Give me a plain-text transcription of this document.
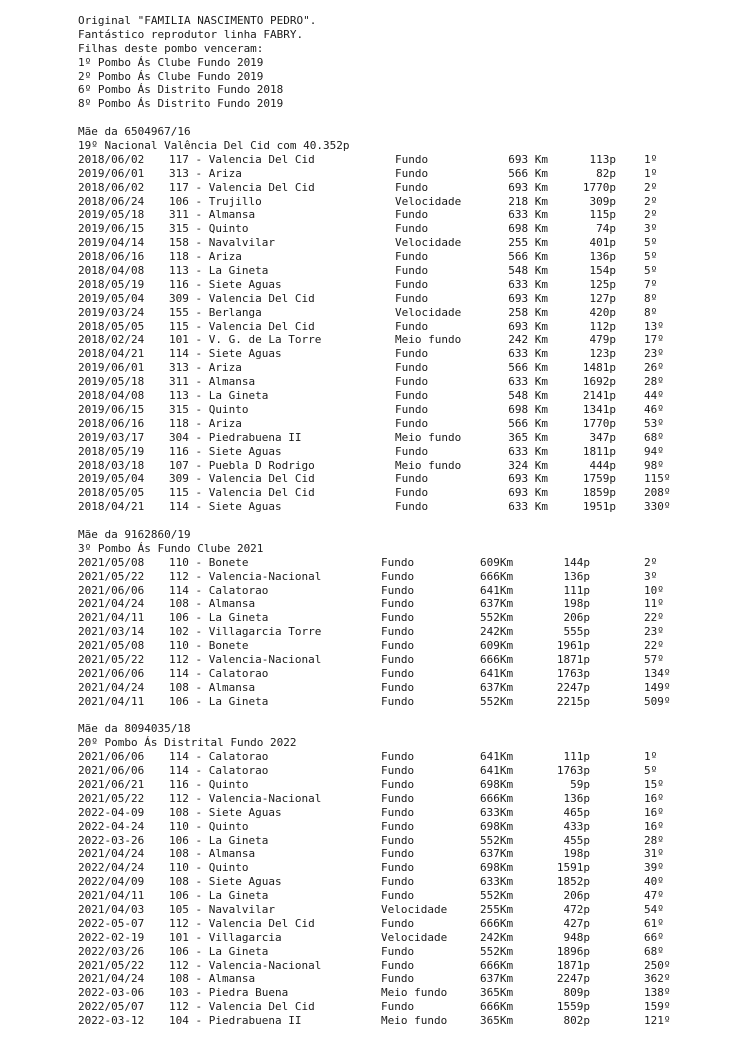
Original "FAMILIA NASCIMENTO PEDRO".
Fantástico reprodutor linha FABRY.
Filhas deste pombo venceram:
1º Pombo Ás Clube Fundo 2019
2º Pombo Ás Clube Fundo 2019
6º Pombo Ás Distrito Fundo 2018
8º Pombo Ás Distrito Fundo 2019
Mãe da 6504967/16
19º Nacional Valência Del Cid com 40.352p
2018/06/02 117 - Valencia Del Cid	Fundo	693 Km	113p	1º
2019/06/01 313 - Ariza	Fundo	566 Km	82p	1º
2018/06/02 117 - Valencia Del Cid	Fundo	693 Km	1770p	2º
2018/06/24 106 - Trujillo	Velocidade	218 Km	309p	2º
2019/05/18 311 - Almansa	Fundo	633 Km	115p	2º
2019/06/15 315 - Quinto	Fundo	698 Km	74p	3º
2019/04/14 158 - Navalvilar	Velocidade	255 Km	401p	5º
2018/06/16 118 - Ariza	Fundo	566 Km	136p	5º
2018/04/08 113 - La Gineta	Fundo	548 Km	154p	5º
2018/05/19 116 - Siete Aguas	Fundo	633 Km	125p	7º
2019/05/04 309 - Valencia Del Cid	Fundo	693 Km	127p	8º
2019/03/24 155 - Berlanga	Velocidade	258 Km	420p	8º
2018/05/05 115 - Valencia Del Cid	Fundo	693 Km	112p	13º
2018/02/24 101 - V. G. de La Torre	Meio fundo	242 Km	479p	17º
2018/04/21 114 - Siete Aguas	Fundo	633 Km	123p	23º
2019/06/01 313 - Ariza	Fundo	566 Km	1481p	26º
2019/05/18 311 - Almansa	Fundo	633 Km	1692p	28º
2018/04/08 113 - La Gineta	Fundo	548 Km	2141p	44º
2019/06/15 315 - Quinto	Fundo	698 Km	1341p	46º
2018/06/16 118 - Ariza	Fundo	566 Km	1770p	53º
2019/03/17 304 - Piedrabuena II	Meio fundo	365 Km	347p	68º
2018/05/19 116 - Siete Aguas	Fundo	633 Km	1811p	94º
2018/03/18 107 - Puebla D Rodrigo	Meio fundo	324 Km	444p	98º
2019/05/04 309 - Valencia Del Cid	Fundo	693 Km	1759p	115º
2018/05/05 115 - Valencia Del Cid	Fundo	693 Km	1859p	208º
2018/04/21 114 - Siete Aguas	Fundo	633 Km	1951p	330º
Mãe da 9162860/19
3º Pombo Ás Fundo Clube 2021
2021/05/08 110 - Bonete	Fundo	609Km	144p	2º
2021/05/22 112 - Valencia-Nacional	Fundo	666Km	136p	3º
2021/06/06 114 - Calatorao	Fundo	641Km	111p	10º
2021/04/24 108 - Almansa	Fundo	637Km	198p	11º
2021/04/11 106 - La Gineta	Fundo	552Km	206p	22º
2021/03/14 102 - Villagarcia Torre	Fundo	242Km	555p	23º
2021/05/08 110 - Bonete	Fundo	609Km	1961p	22º
2021/05/22 112 - Valencia-Nacional	Fundo	666Km	1871p	57º
2021/06/06 114 - Calatorao	Fundo	641Km	1763p	134º
2021/04/24 108 - Almansa	Fundo	637Km	2247p	149º
2021/04/11 106 - La Gineta	Fundo	552Km	2215p	509º
Mãe da 8094035/18
20º Pombo Ás Distrital Fundo 2022
2021/06/06 114 - Calatorao	Fundo	641Km	111p	1º
2021/06/06 114 - Calatorao	Fundo	641Km	1763p	5º
2021/06/21 116 - Quinto	Fundo	698Km	59p	15º
2021/05/22 112 - Valencia-Nacional	Fundo	666Km	136p	16º
2022-04-09 108 - Siete Aguas	Fundo	633Km	465p	16º
2022-04-24 110 - Quinto	Fundo	698Km	433p	16º
2022-03-26 106 - La Gineta	Fundo	552Km	455p	28º
2021/04/24 108 - Almansa	Fundo	637Km	198p	31º
2022/04/24 110 - Quinto	Fundo	698Km	1591p	39º
2022/04/09 108 - Siete Aguas	Fundo	633Km	1852p	40º
2021/04/11 106 - La Gineta	Fundo	552Km	206p	47º
2021/04/03 105 - Navalvilar	Velocidade	255Km	472p	54º
2022-05-07 112 - Valencia Del Cid	Fundo	666Km	427p	61º
2022-02-19 101 - Villagarcia	Velocidade	242Km	948p	66º
2022/03/26 106 - La Gineta	Fundo	552Km	1896p	68º
2021/05/22 112 - Valencia-Nacional	Fundo	666Km	1871p	250º
2021/04/24 108 - Almansa	Fundo	637Km	2247p	362º
2022-03-06 103 - Piedra Buena	Meio fundo	365Km	809p	138º
2022/05/07 112 - Valencia Del Cid	Fundo	666Km	1559p	159º
2022-03-12 104 - Piedrabuena II	Meio fundo	365Km	802p	121º
